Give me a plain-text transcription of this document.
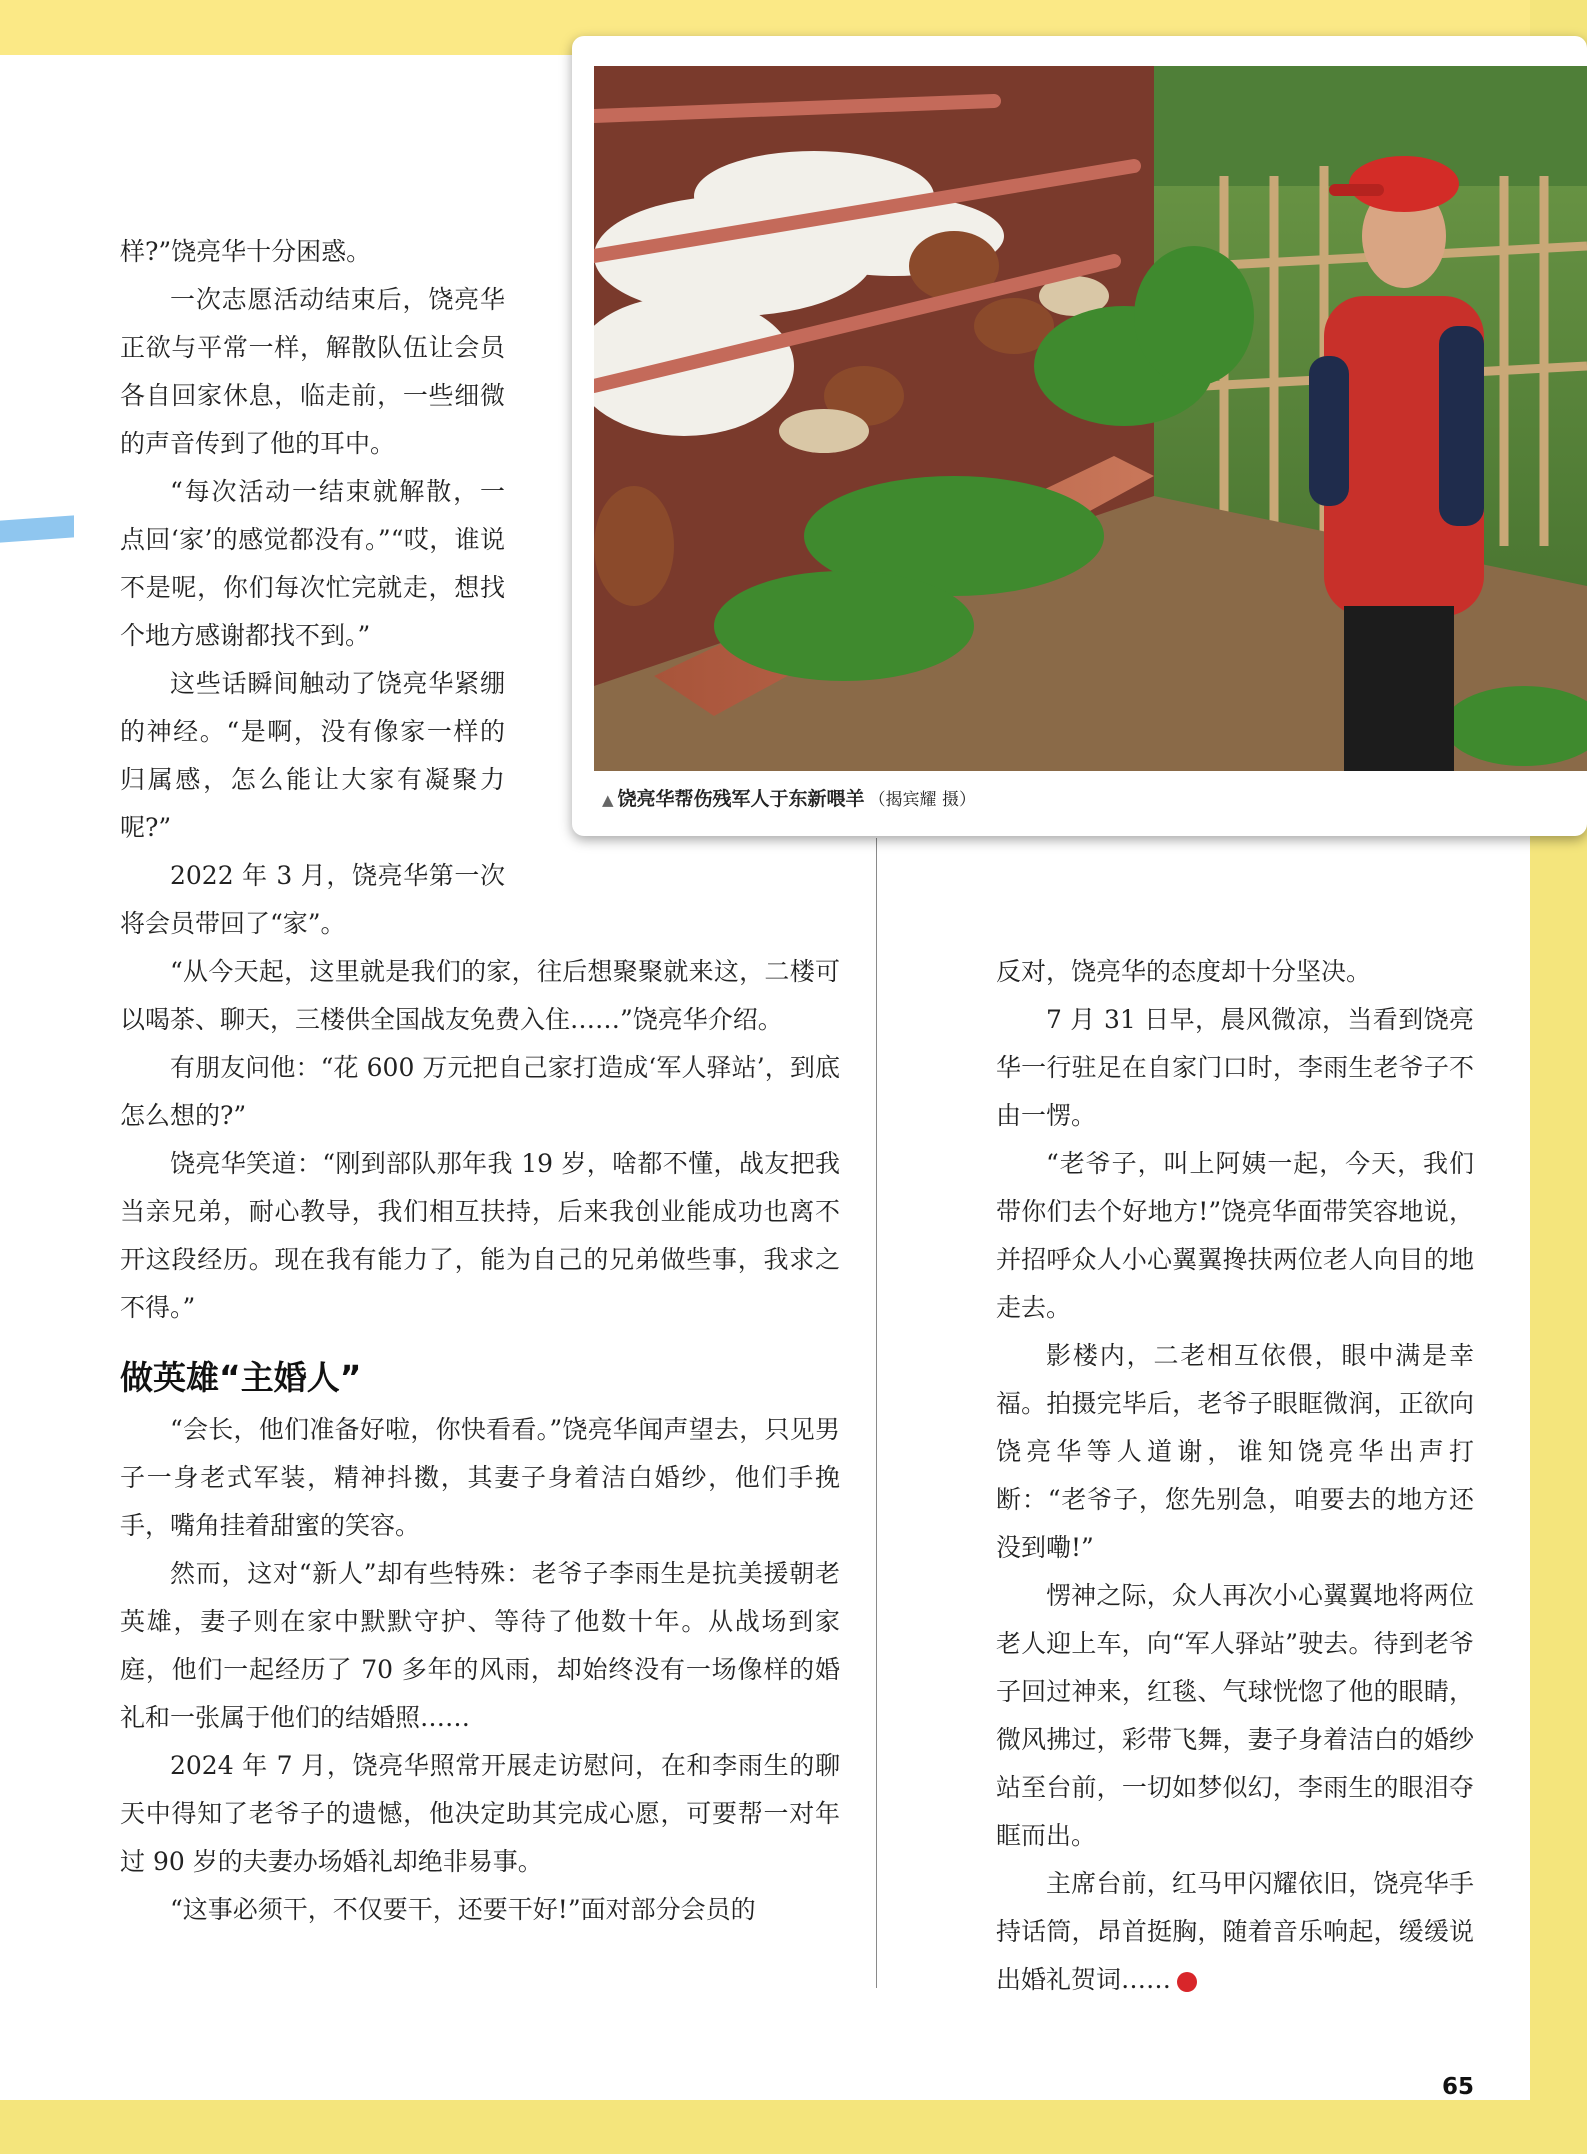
▲ 饶亮华帮伤残军人于东新喂羊 （揭宾耀 摄）

样?”饶亮华十分困惑。

一次志愿活动结束后，饶亮华正欲与平常一样，解散队伍让会员各自回家休息，临走前，一些细微的声音传到了他的耳中。

“每次活动一结束就解散，一点回‘家’的感觉都没有。”“哎，谁说不是呢，你们每次忙完就走，想找个地方感谢都找不到。”

这些话瞬间触动了饶亮华紧绷的神经。“是啊，没有像家一样的归属感，怎么能让大家有凝聚力呢?”

2022 年 3 月，饶亮华第一次将会员带回了“家”。

“从今天起，这里就是我们的家，往后想聚聚就来这，二楼可以喝茶、聊天，三楼供全国战友免费入住……”饶亮华介绍。

有朋友问他：“花 600 万元把自己家打造成‘军人驿站’，到底怎么想的?”

饶亮华笑道：“刚到部队那年我 19 岁，啥都不懂，战友把我当亲兄弟，耐心教导，我们相互扶持，后来我创业能成功也离不开这段经历。现在我有能力了，能为自己的兄弟做些事，我求之不得。”

做英雄“主婚人”

“会长，他们准备好啦，你快看看。”饶亮华闻声望去，只见男子一身老式军装，精神抖擞，其妻子身着洁白婚纱，他们手挽手，嘴角挂着甜蜜的笑容。

然而，这对“新人”却有些特殊：老爷子李雨生是抗美援朝老英雄，妻子则在家中默默守护、等待了他数十年。从战场到家庭，他们一起经历了 70 多年的风雨，却始终没有一场像样的婚礼和一张属于他们的结婚照……

2024 年 7 月，饶亮华照常开展走访慰问，在和李雨生的聊天中得知了老爷子的遗憾，他决定助其完成心愿，可要帮一对年过 90 岁的夫妻办场婚礼却绝非易事。

“这事必须干，不仅要干，还要干好!”面对部分会员的

反对，饶亮华的态度却十分坚决。

7 月 31 日早，晨风微凉，当看到饶亮华一行驻足在自家门口时，李雨生老爷子不由一愣。

“老爷子，叫上阿姨一起，今天，我们带你们去个好地方!”饶亮华面带笑容地说，并招呼众人小心翼翼搀扶两位老人向目的地走去。

影楼内，二老相互依偎，眼中满是幸福。拍摄完毕后，老爷子眼眶微润，正欲向饶亮华等人道谢，谁知饶亮华出声打断：“老爷子，您先别急，咱要去的地方还没到嘞!”

愣神之际，众人再次小心翼翼地将两位老人迎上车，向“军人驿站”驶去。待到老爷子回过神来，红毯、气球恍惚了他的眼睛，微风拂过，彩带飞舞，妻子身着洁白的婚纱站至台前，一切如梦似幻，李雨生的眼泪夺眶而出。

主席台前，红马甲闪耀依旧，饶亮华手持话筒，昂首挺胸，随着音乐响起，缓缓说出婚礼贺词……	N

65
